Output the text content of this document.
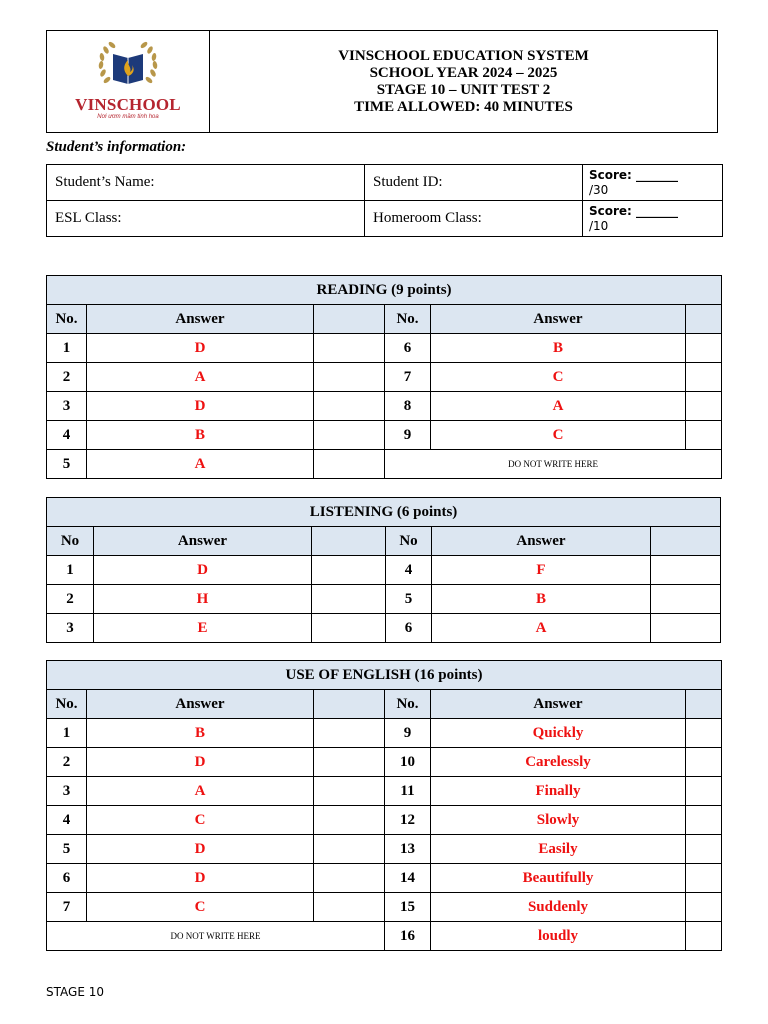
VINSCHOOL
Nơi ươm mầm tinh hoa

VINSCHOOL EDUCATION SYSTEM
SCHOOL YEAR 2024 – 2025
STAGE 10 – UNIT TEST 2
TIME ALLOWED: 40 MINUTES
Student’s information:
Student’s Name:	Student ID:	Score: _______
/30
ESL Class:	Homeroom Class:	Score: _______
/10
READING (9 points)					
No.	Answer		No.	Answer	
1	D		6	B	
2	A		7	C	
3	D		8	A	
4	B		9	C	
5	A		DO NOT WRITE HERE		
LISTENING (6 points)					
No	Answer		No	Answer	
1	D		4	F	
2	H		5	B	
3	E		6	A	
USE OF ENGLISH (16 points)					
No.	Answer		No.	Answer	
1	B		9	Quickly	
2	D		10	Carelessly	
3	A		11	Finally	
4	C		12	Slowly	
5	D		13	Easily	
6	D		14	Beautifully	
7	C		15	Suddenly	
DO NOT WRITE HERE			16	loudly	
STAGE 10
